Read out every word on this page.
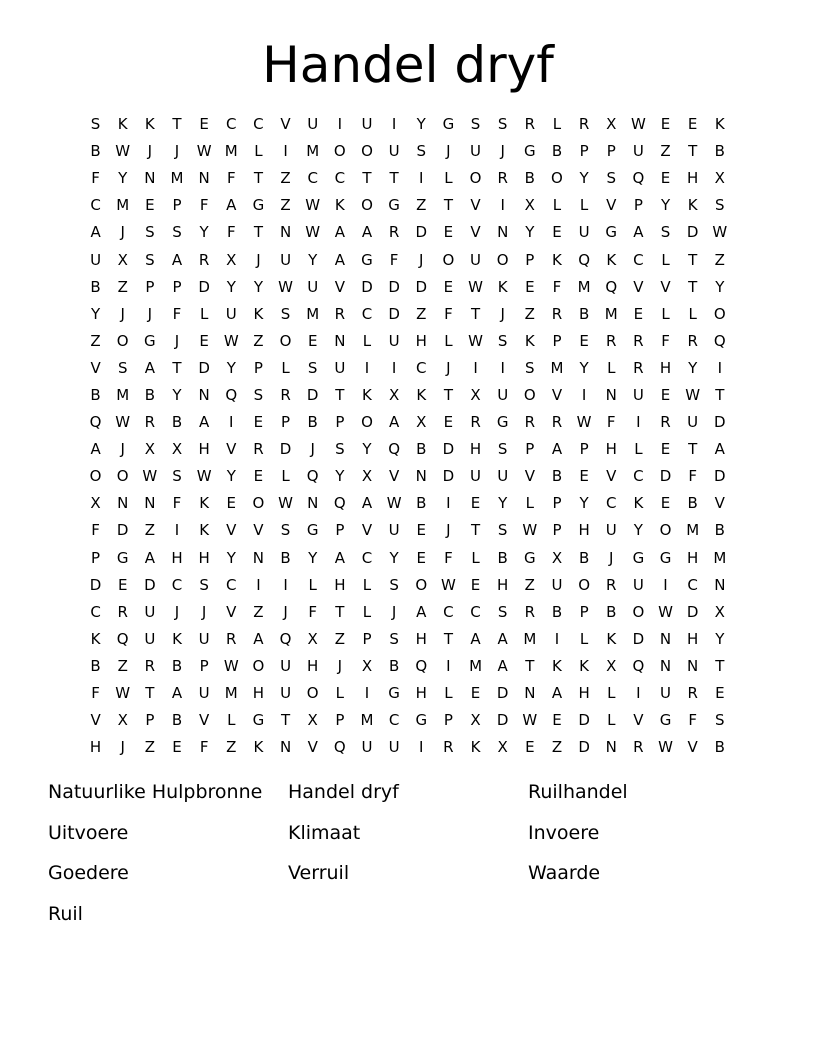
Handel dryf
S	K	K	T	E	C	C	V	U	I	U	I	Y	G	S	S	R	L	R	X W E	E	K
B W	J	J	W M	L	I	M O	O	U	S	J	U	J	G	B	P	P	U	Z	T	B
F	Y	N	M	N	F	T	Z	C	C	T	T	I	L	O	R	B	O	Y	S	Q	E	H	X
C	M	E	P	F	A	G	Z W K	O	G	Z	T	V	I	X	L	L	V	P	Y	K	S
A	J	S	S	Y	F	T	N W A	A	R	D	E	V	N	Y	E	U	G	A	S	D W
U	X	S	A	R	X	J	U	Y	A	G	F	J	O	U	O	P	K	Q	K	C	L	T	Z
B	Z	P	P	D	Y	Y	W U	V	D	D	D	E W K	E	F	M Q	V	V	T	Y
Y	J	J	F	L	U	K	S	M	R	C	D	Z	F	T	J	Z	R	B	M	E	L	L	O
Z	O	G	J	E W Z	O	E	N	L	U	H	L	W S	K	P	E	R	R	F	R	Q
V	S	A	T	D	Y	P	L	S	U	I	I	C	J	I	I	S	M	Y	L	R	H	Y	I
B	M	B	Y	N	Q	S	R	D	T	K	X	K	T	X	U	O	V	I	N	U	E W	T
Q W R	B	A	I	E	P	B	P	O	A	X	E	R	G	R	R W	F	I	R	U	D
A	J	X	X	H	V	R	D	J	S	Y	Q	B	D	H	S	P	A	P	H	L	E	T	A
O	O W S W	Y	E	L	Q	Y	X	V	N	D	U	U	V	B	E	V	C	D	F	D
X	N	N	F	K	E	O W N	Q	A W B	I	E	Y	L	P	Y	C	K	E	B	V
F	D	Z	I	K	V	V	S	G	P	V	U	E	J	T	S W	P	H	U	Y	O M	B
P	G	A	H	H	Y	N	B	Y	A	C	Y	E	F	L	B	G	X	B	J	G	G	H	M
D	E	D	C	S	C	I	I	L	H	L	S	O W E	H	Z	U	O	R	U	I	C	N
C	R	U	J	J	V	Z	J	F	T	L	J	A	C	C	S	R	B	P	B	O W D	X
K	Q	U	K	U	R	A	Q	X	Z	P	S	H	T	A	A	M	I	L	K	D	N	H	Y
B	Z	R	B	P	W O	U	H	J	X	B	Q	I	M	A	T	K	K	X	Q	N	N	T
F	W	T	A	U	M	H	U	O	L	I	G	H	L	E	D	N	A	H	L	I	U	R	E
V	X	P	B	V	L	G	T	X	P	M	C	G	P	X	D W E	D	L	V	G	F	S
H	J	Z	E	F	Z	K	N	V	Q	U	U	I	R	K	X	E	Z	D	N	R W V	B
Natuurlike Hulpbronne	Handel dryf	Ruilhandel
Uitvoere	Klimaat	Invoere
Goedere	Verruil	Waarde
Ruil
